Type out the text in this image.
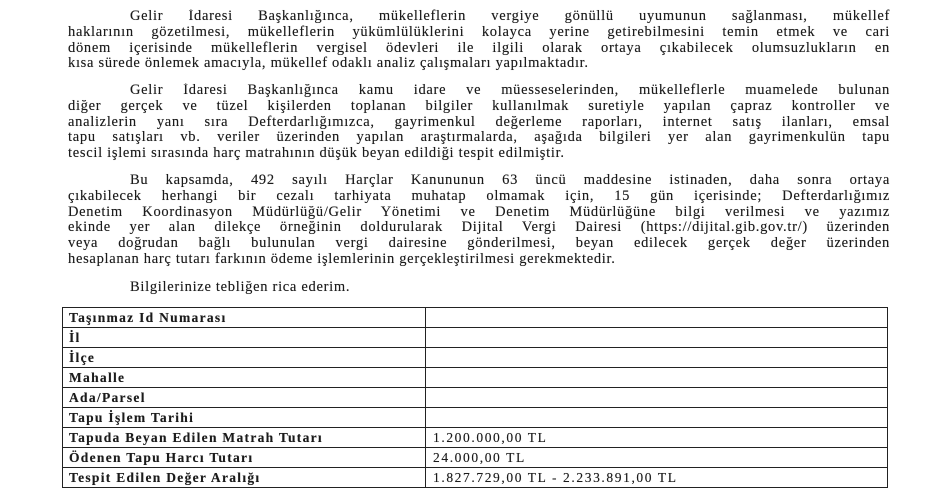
Gelir İdaresi Başkanlığınca, mükelleflerin vergiye gönüllü uyumunun sağlanması, mükellef
haklarının gözetilmesi, mükelleflerin yükümlülüklerini kolayca yerine getirebilmesini temin etmek ve cari
dönem içerisinde mükelleflerin vergisel ödevleri ile ilgili olarak ortaya çıkabilecek olumsuzlukların en
kısa sürede önlemek amacıyla, mükellef odaklı analiz çalışmaları yapılmaktadır.
Gelir İdaresi Başkanlığınca kamu idare ve müesseselerinden, mükelleflerle muamelede bulunan
diğer gerçek ve tüzel kişilerden toplanan bilgiler kullanılmak suretiyle yapılan çapraz kontroller ve
analizlerin yanı sıra Defterdarlığımızca, gayrimenkul değerleme raporları, internet satış ilanları, emsal
tapu satışları vb. veriler üzerinden yapılan araştırmalarda, aşağıda bilgileri yer alan gayrimenkulün tapu
tescil işlemi sırasında harç matrahının düşük beyan edildiği tespit edilmiştir.
Bu kapsamda, 492 sayılı Harçlar Kanununun 63 üncü maddesine istinaden, daha sonra ortaya
çıkabilecek herhangi bir cezalı tarhiyata muhatap olmamak için, 15 gün içerisinde; Defterdarlığımız
Denetim Koordinasyon Müdürlüğü/Gelir Yönetimi ve Denetim Müdürlüğüne bilgi verilmesi ve yazımız
ekinde yer alan dilekçe örneğinin doldurularak Dijital Vergi Dairesi (https://dijital.gib.gov.tr/) üzerinden
veya doğrudan bağlı bulunulan vergi dairesine gönderilmesi, beyan edilecek gerçek değer üzerinden
hesaplanan harç tutarı farkının ödeme işlemlerinin gerçekleştirilmesi gerekmektedir.
Bilgilerinize tebliğen rica ederim.
Taşınmaz Id Numarası	
İl	
İlçe	
Mahalle	
Ada/Parsel	
Tapu İşlem Tarihi	
Tapuda Beyan Edilen Matrah Tutarı	1.200.000,00 TL
Ödenen Tapu Harcı Tutarı	24.000,00 TL
Tespit Edilen Değer Aralığı	1.827.729,00 TL - 2.233.891,00 TL
